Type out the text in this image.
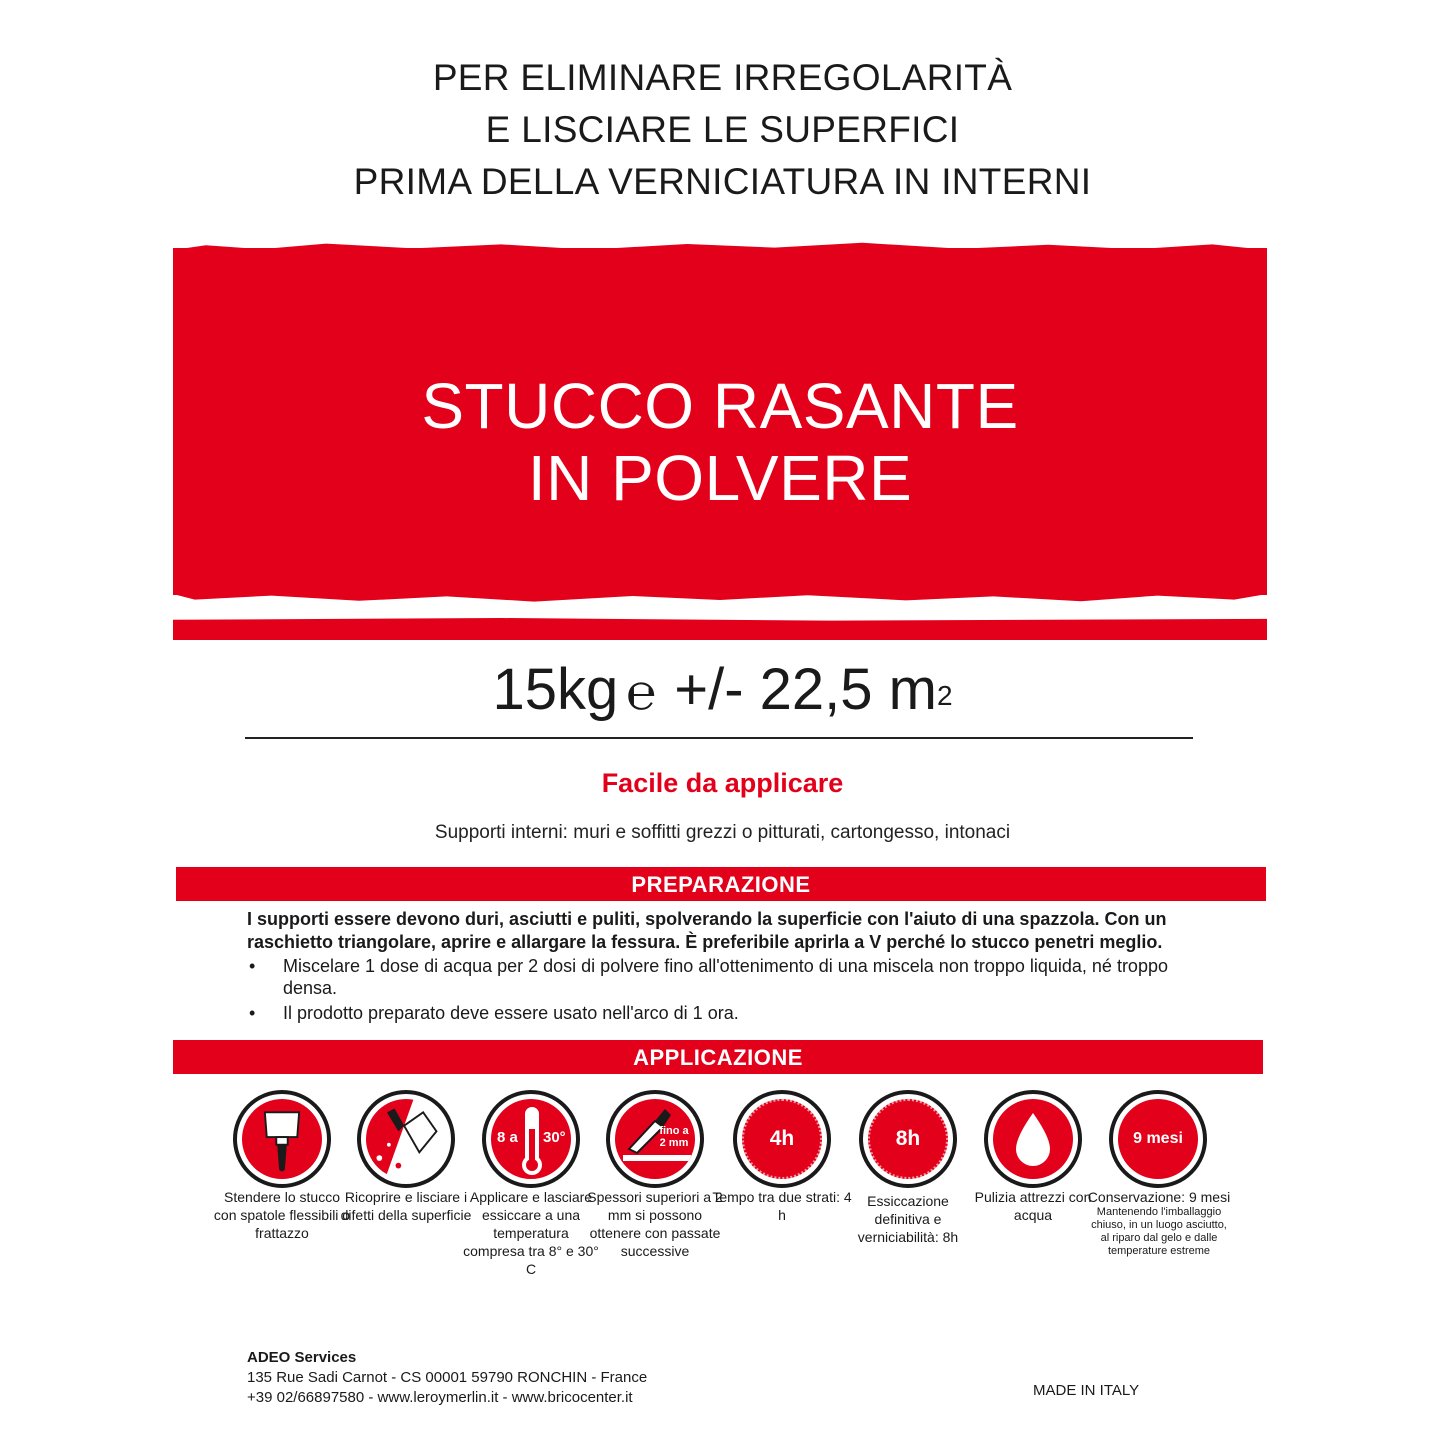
PER ELIMINARE IRREGOLARITÀ
E LISCIARE LE SUPERFICI
PRIMA DELLA VERNICIATURA IN INTERNI
STUCCO RASANTE
IN POLVERE
15kg ℮ +/- 22,5 $m^2$
Facile da applicare
Supporti interni: muri e soffitti grezzi o pitturati, cartongesso, intonaci
PREPARAZIONE
I supporti essere devono duri, asciutti e puliti, spolverando la superficie con l'aiuto di una spazzola. Con un raschietto triangolare, aprire e allargare la fessura. È preferibile aprirla a V perché lo stucco penetri meglio.
• Miscelare 1 dose di acqua per 2 dosi di polvere fino all'ottenimento di una miscela non troppo liquida, né troppo densa.
• Il prodotto preparato deve essere usato nell'arco di 1 ora.
APPLICAZIONE
Stendere lo stucco con spatole flessibili o frattazzo
Ricoprire e lisciare i difetti della superficie
8 a 30°
Applicare e lasciare essiccare a una temperatura compresa tra 8° e 30° C
fino a 2 mm
Spessori superiori a 2 mm si possono ottenere con passate successive
4h
Tempo tra due strati: 4 h
8h
Essiccazione definitiva e verniciabilità: 8h
Pulizia attrezzi con acqua
9 mesi
Conservazione: 9 mesi
Mantenendo l'imballaggio chiuso, in un luogo asciutto, al riparo dal gelo e dalle temperature estreme
ADEO Services
135 Rue Sadi Carnot - CS 00001 59790 RONCHIN - France
+39 02/66897580 - www.leroymerlin.it - www.bricocenter.it	MADE IN ITALY
